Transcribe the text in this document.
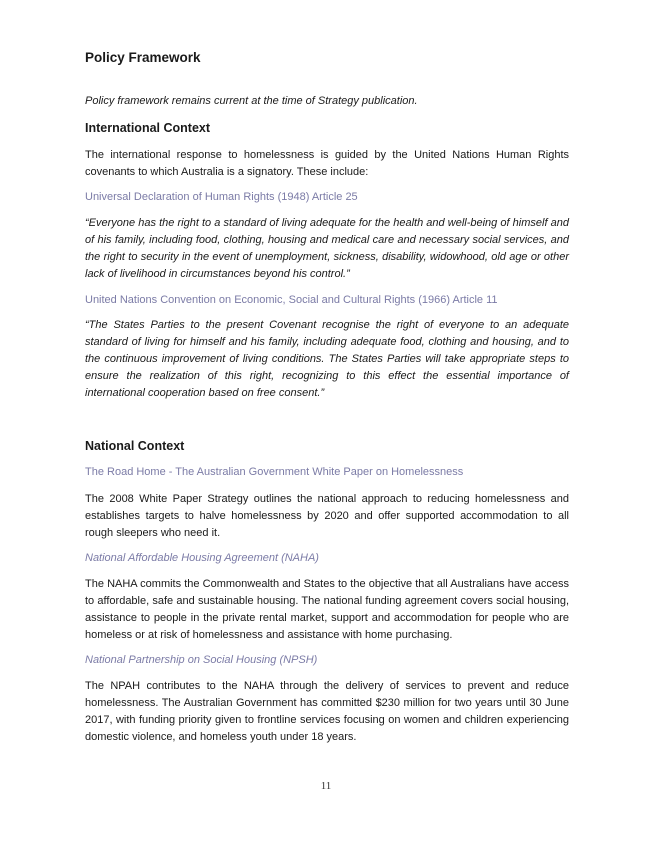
Policy Framework

Policy framework remains current at the time of Strategy publication.

International Context

The international response to homelessness is guided by the United Nations Human Rights covenants to which Australia is a signatory. These include:

Universal Declaration of Human Rights (1948) Article 25

“Everyone has the right to a standard of living adequate for the health and well-being of himself and of his family, including food, clothing, housing and medical care and necessary social services, and the right to security in the event of unemployment, sickness, disability, widowhood, old age or other lack of livelihood in circumstances beyond his control.”

United Nations Convention on Economic, Social and Cultural Rights (1966) Article 11

“The States Parties to the present Covenant recognise the right of everyone to an adequate standard of living for himself and his family, including adequate food, clothing and housing, and to the continuous improvement of living conditions. The States Parties will take appropriate steps to ensure the realization of this right, recognizing to this effect the essential importance of international cooperation based on free consent.”

National Context

The Road Home - The Australian Government White Paper on Homelessness

The 2008 White Paper Strategy outlines the national approach to reducing homelessness and establishes targets to halve homelessness by 2020 and offer supported accommodation to all rough sleepers who need it.

National Affordable Housing Agreement (NAHA)

The NAHA commits the Commonwealth and States to the objective that all Australians have access to affordable, safe and sustainable housing. The national funding agreement covers social housing, assistance to people in the private rental market, support and accommodation for people who are homeless or at risk of homelessness and assistance with home purchasing.

National Partnership on Social Housing (NPSH)

The NPAH contributes to the NAHA through the delivery of services to prevent and reduce homelessness. The Australian Government has committed $230 million for two years until 30 June 2017, with funding priority given to frontline services focusing on women and children experiencing domestic violence, and homeless youth under 18 years.

11
